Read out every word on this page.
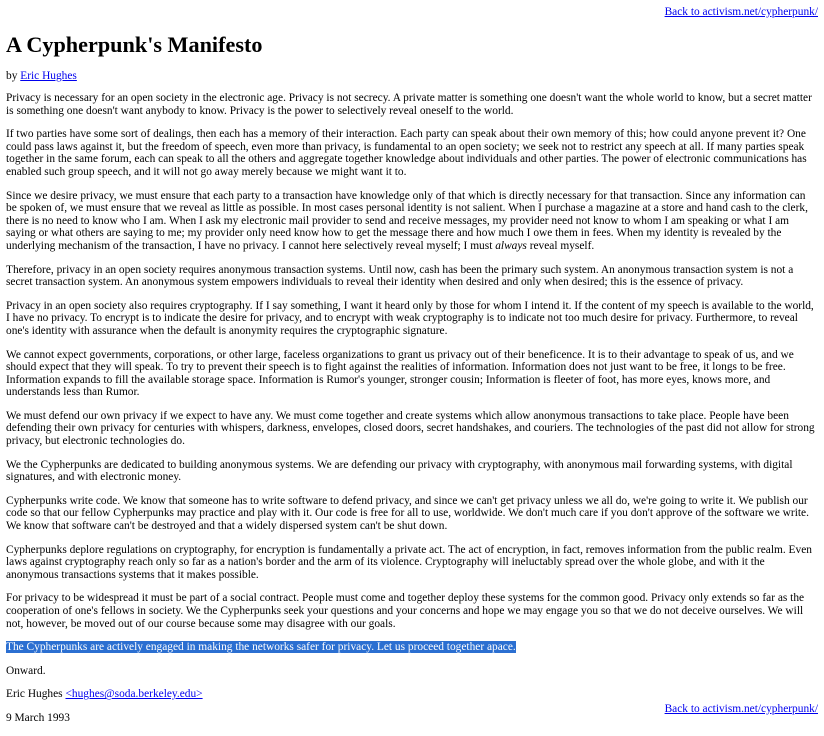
Back to activism.net/cypherpunk/
A Cypherpunk's Manifesto

by Eric Hughes

Privacy is necessary for an open society in the electronic age. Privacy is not secrecy. A private matter is something one doesn't want the whole world to know, but a secret matter is something one doesn't want anybody to know. Privacy is the power to selectively reveal oneself to the world.

If two parties have some sort of dealings, then each has a memory of their interaction. Each party can speak about their own memory of this; how could anyone prevent it? One could pass laws against it, but the freedom of speech, even more than privacy, is fundamental to an open society; we seek not to restrict any speech at all. If many parties speak together in the same forum, each can speak to all the others and aggregate together knowledge about individuals and other parties. The power of electronic communications has enabled such group speech, and it will not go away merely because we might want it to.

Since we desire privacy, we must ensure that each party to a transaction have knowledge only of that which is directly necessary for that transaction. Since any information can be spoken of, we must ensure that we reveal as little as possible. In most cases personal identity is not salient. When I purchase a magazine at a store and hand cash to the clerk, there is no need to know who I am. When I ask my electronic mail provider to send and receive messages, my provider need not know to whom I am speaking or what I am saying or what others are saying to me; my provider only need know how to get the message there and how much I owe them in fees. When my identity is revealed by the underlying mechanism of the transaction, I have no privacy. I cannot here selectively reveal myself; I must always reveal myself.

Therefore, privacy in an open society requires anonymous transaction systems. Until now, cash has been the primary such system. An anonymous transaction system is not a secret transaction system. An anonymous system empowers individuals to reveal their identity when desired and only when desired; this is the essence of privacy.

Privacy in an open society also requires cryptography. If I say something, I want it heard only by those for whom I intend it. If the content of my speech is available to the world, I have no privacy. To encrypt is to indicate the desire for privacy, and to encrypt with weak cryptography is to indicate not too much desire for privacy. Furthermore, to reveal one's identity with assurance when the default is anonymity requires the cryptographic signature.

We cannot expect governments, corporations, or other large, faceless organizations to grant us privacy out of their beneficence. It is to their advantage to speak of us, and we should expect that they will speak. To try to prevent their speech is to fight against the realities of information. Information does not just want to be free, it longs to be free. Information expands to fill the available storage space. Information is Rumor's younger, stronger cousin; Information is fleeter of foot, has more eyes, knows more, and understands less than Rumor.

We must defend our own privacy if we expect to have any. We must come together and create systems which allow anonymous transactions to take place. People have been defending their own privacy for centuries with whispers, darkness, envelopes, closed doors, secret handshakes, and couriers. The technologies of the past did not allow for strong privacy, but electronic technologies do.

We the Cypherpunks are dedicated to building anonymous systems. We are defending our privacy with cryptography, with anonymous mail forwarding systems, with digital signatures, and with electronic money.

Cypherpunks write code. We know that someone has to write software to defend privacy, and since we can't get privacy unless we all do, we're going to write it. We publish our code so that our fellow Cypherpunks may practice and play with it. Our code is free for all to use, worldwide. We don't much care if you don't approve of the software we write. We know that software can't be destroyed and that a widely dispersed system can't be shut down.

Cypherpunks deplore regulations on cryptography, for encryption is fundamentally a private act. The act of encryption, in fact, removes information from the public realm. Even laws against cryptography reach only so far as a nation's border and the arm of its violence. Cryptography will ineluctably spread over the whole globe, and with it the anonymous transactions systems that it makes possible.

For privacy to be widespread it must be part of a social contract. People must come and together deploy these systems for the common good. Privacy only extends so far as the cooperation of one's fellows in society. We the Cypherpunks seek your questions and your concerns and hope we may engage you so that we do not deceive ourselves. We will not, however, be moved out of our course because some may disagree with our goals.

The Cypherpunks are actively engaged in making the networks safer for privacy. Let us proceed together apace.

Onward.

Eric Hughes <hughes@soda.berkeley.edu>

9 March 1993

Back to activism.net/cypherpunk/
